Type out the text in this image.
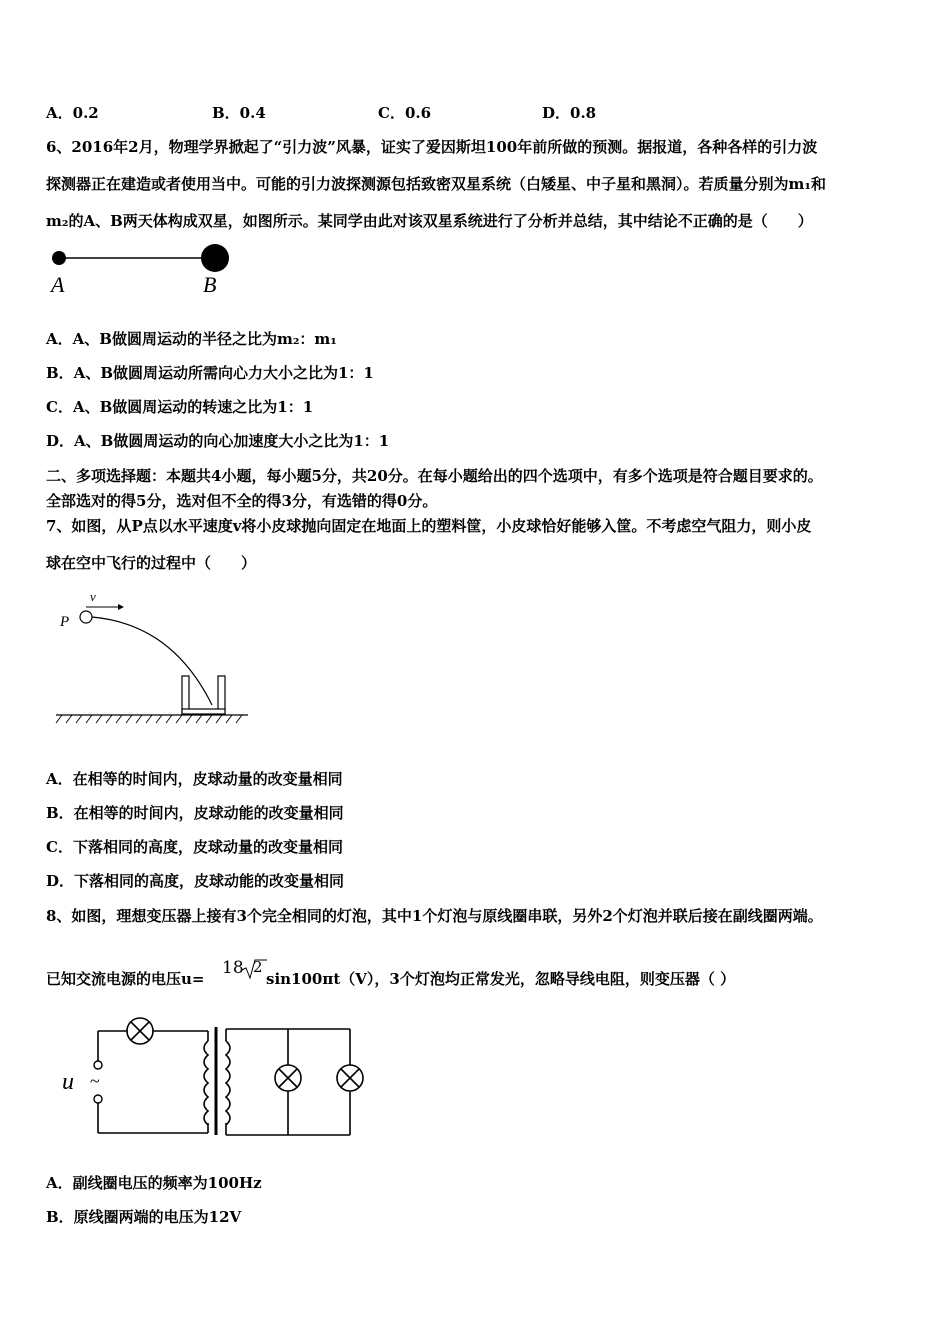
A．0.2	B．0.4	C．0.6	D．0.8
6、2016年2月，物理学界掀起了“引力波”风暴，证实了爱因斯坦100年前所做的预测。据报道，各种各样的引力波
探测器正在建造或者使用当中。可能的引力波探测源包括致密双星系统（白矮星、中子星和黑洞）。若质量分别为m₁和
m₂的A、B两天体构成双星，如图所示。某同学由此对该双星系统进行了分析并总结，其中结论不正确的是（　　）
A	B
A．A、B做圆周运动的半径之比为m₂：m₁
B．A、B做圆周运动所需向心力大小之比为1：1
C．A、B做圆周运动的转速之比为1：1
D．A、B做圆周运动的向心加速度大小之比为1：1
二、多项选择题：本题共4小题，每小题5分，共20分。在每小题给出的四个选项中，有多个选项是符合题目要求的。
全部选对的得5分，选对但不全的得3分，有选错的得0分。
7、如图，从P点以水平速度v将小皮球抛向固定在地面上的塑料筐，小皮球恰好能够入筐。不考虑空气阻力，则小皮
球在空中飞行的过程中（　　）
P
v
A．在相等的时间内，皮球动量的改变量相同
B．在相等的时间内，皮球动能的改变量相同
C．下落相同的高度，皮球动量的改变量相同
D．下落相同的高度，皮球动能的改变量相同
8、如图，理想变压器上接有3个完全相同的灯泡，其中1个灯泡与原线圈串联，另外2个灯泡并联后接在副线圈两端。
已知交流电源的电压u=
18 2
sin100πt（V），3个灯泡均正常发光，忽略导线电阻，则变压器（ ）
u ~
A．副线圈电压的频率为100Hz
B．原线圈两端的电压为12V
